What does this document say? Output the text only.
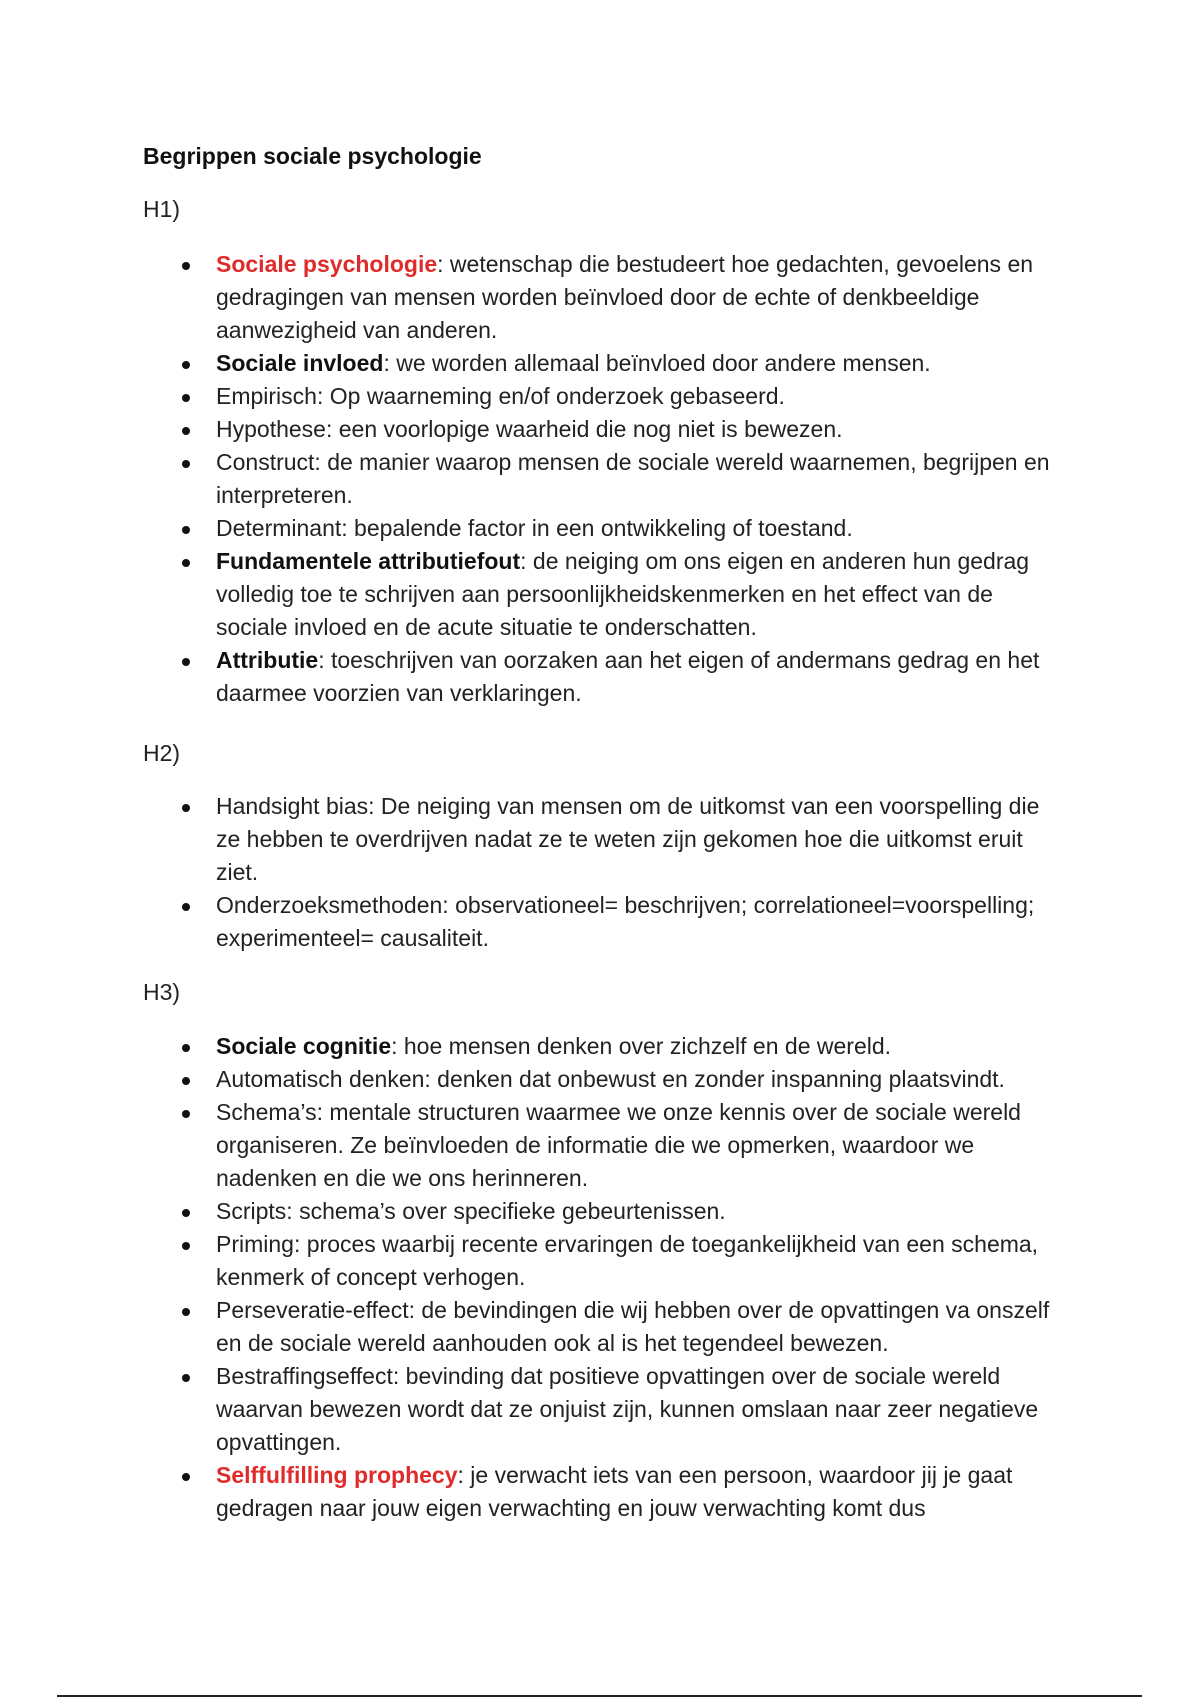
Begrippen sociale psychologie

H1)

Sociale psychologie: wetenschap die bestudeert hoe gedachten, gevoelens en gedragingen van mensen worden beïnvloed door de echte of denkbeeldige aanwezigheid van anderen.
Sociale invloed: we worden allemaal beïnvloed door andere mensen.
Empirisch: Op waarneming en/of onderzoek gebaseerd.
Hypothese: een voorlopige waarheid die nog niet is bewezen.
Construct: de manier waarop mensen de sociale wereld waarnemen, begrijpen en interpreteren.
Determinant: bepalende factor in een ontwikkeling of toestand.
Fundamentele attributiefout: de neiging om ons eigen en anderen hun gedrag volledig toe te schrijven aan persoonlijkheidskenmerken en het effect van de sociale invloed en de acute situatie te onderschatten.
Attributie: toeschrijven van oorzaken aan het eigen of andermans gedrag en het daarmee voorzien van verklaringen.

H2)

Handsight bias: De neiging van mensen om de uitkomst van een voorspelling die ze hebben te overdrijven nadat ze te weten zijn gekomen hoe die uitkomst eruit ziet.
Onderzoeksmethoden: observationeel= beschrijven; correlationeel=voorspelling; experimenteel= causaliteit.

H3)

Sociale cognitie: hoe mensen denken over zichzelf en de wereld.
Automatisch denken: denken dat onbewust en zonder inspanning plaatsvindt.
Schema’s: mentale structuren waarmee we onze kennis over de sociale wereld organiseren. Ze beïnvloeden de informatie die we opmerken, waardoor we nadenken en die we ons herinneren.
Scripts: schema’s over specifieke gebeurtenissen.
Priming: proces waarbij recente ervaringen de toegankelijkheid van een schema, kenmerk of concept verhogen.
Perseveratie-effect: de bevindingen die wij hebben over de opvattingen va onszelf en de sociale wereld aanhouden ook al is het tegendeel bewezen.
Bestraffingseffect: bevinding dat positieve opvattingen over de sociale wereld waarvan bewezen wordt dat ze onjuist zijn, kunnen omslaan naar zeer negatieve opvattingen.
Selffulfilling prophecy: je verwacht iets van een persoon, waardoor jij je gaat gedragen naar jouw eigen verwachting en jouw verwachting komt dus
